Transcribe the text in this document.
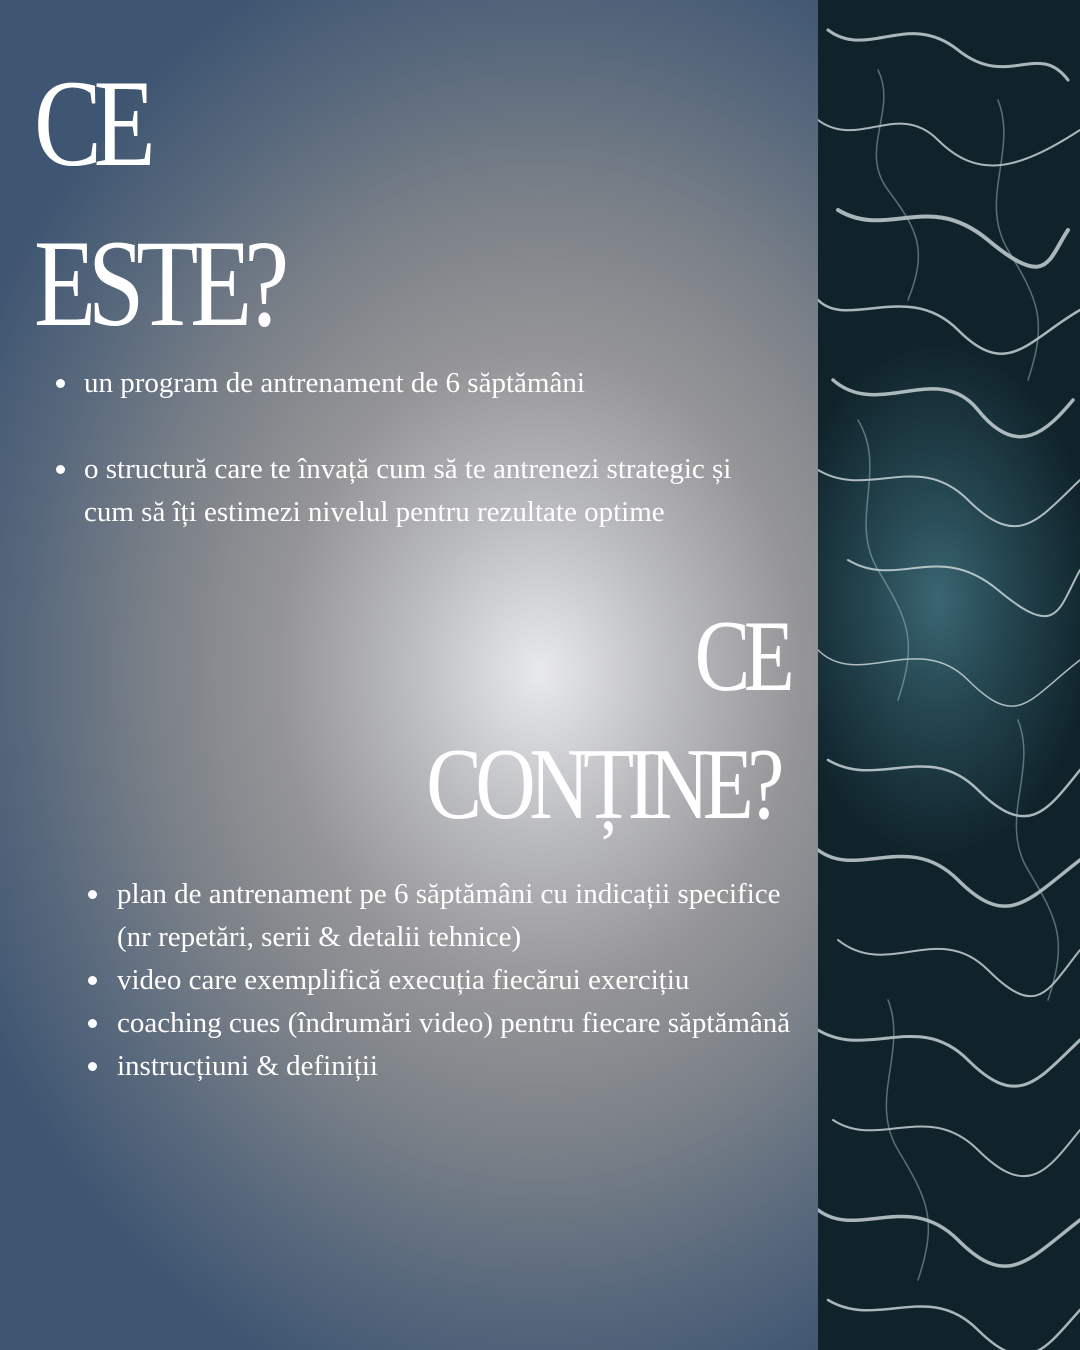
CE
ESTE?
un program de antrenament de 6 săptămâni
o structură care te învață cum să te antrenezi strategic și cum să îți estimezi nivelul pentru rezultate optime
CE
CONȚINE?
plan de antrenament pe 6 săptămâni cu indicații specifice (nr repetări, serii & detalii tehnice)
video care exemplifică execuția fiecărui exercițiu
coaching cues (îndrumări video) pentru fiecare săptămână
instrucțiuni & definiții
